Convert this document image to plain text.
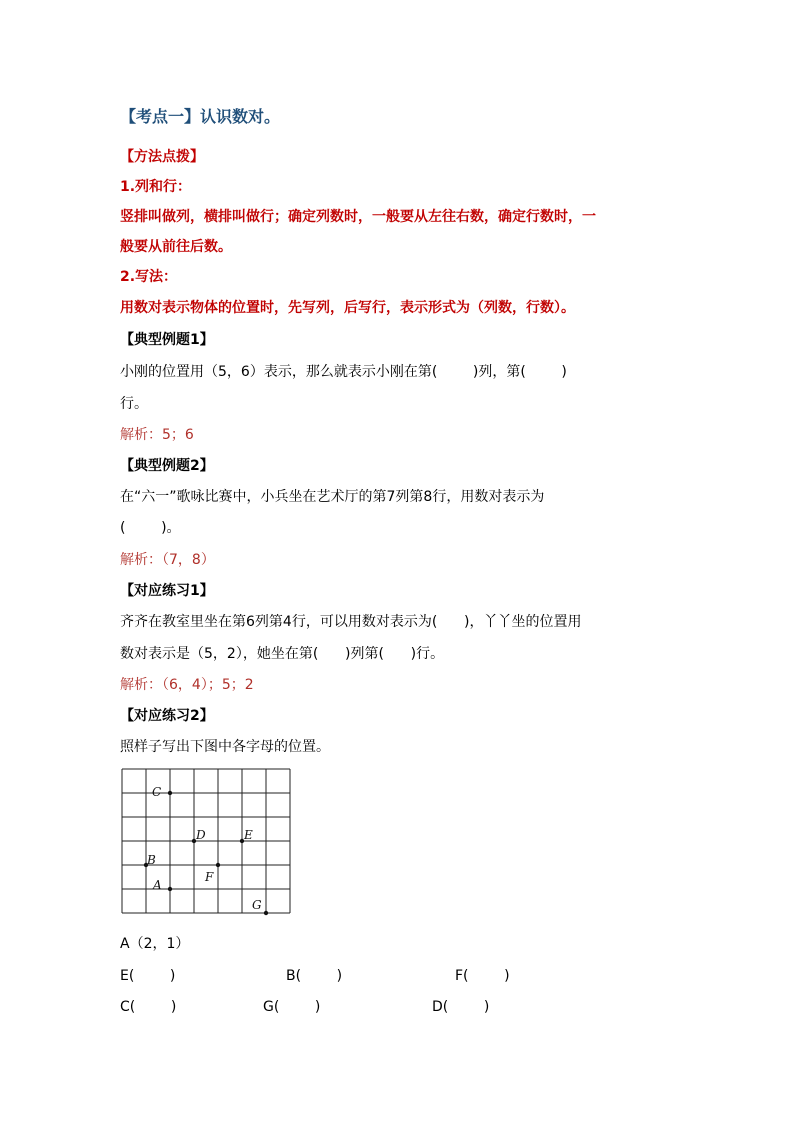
【考点一】认识数对。
【方法点拨】
1.列和行：
竖排叫做列，横排叫做行；确定列数时，一般要从左往右数，确定行数时，一
般要从前往后数。
2.写法：
用数对表示物体的位置时，先写列，后写行，表示形式为（列数，行数）。
【典型例题1】
小刚的位置用（5，6）表示，那么就表示小刚在第(        )列，第(        )
行。
解析：5；6
【典型例题2】
在“六一”歌咏比赛中，小兵坐在艺术厅的第7列第8行，用数对表示为
(        )。
解析：（7，8）
【对应练习1】
齐齐在教室里坐在第6列第4行，可以用数对表示为(      )，丫丫坐的位置用
数对表示是（5，2），她坐在第(      )列第(      )行。
解析：（6，4）；5；2
【对应练习2】
照样子写出下图中各字母的位置。
A
B
C
D	E
F
G
A（2，1）
E(        )	B(        )	F(        )
C(        )	G(        )	D(        )
